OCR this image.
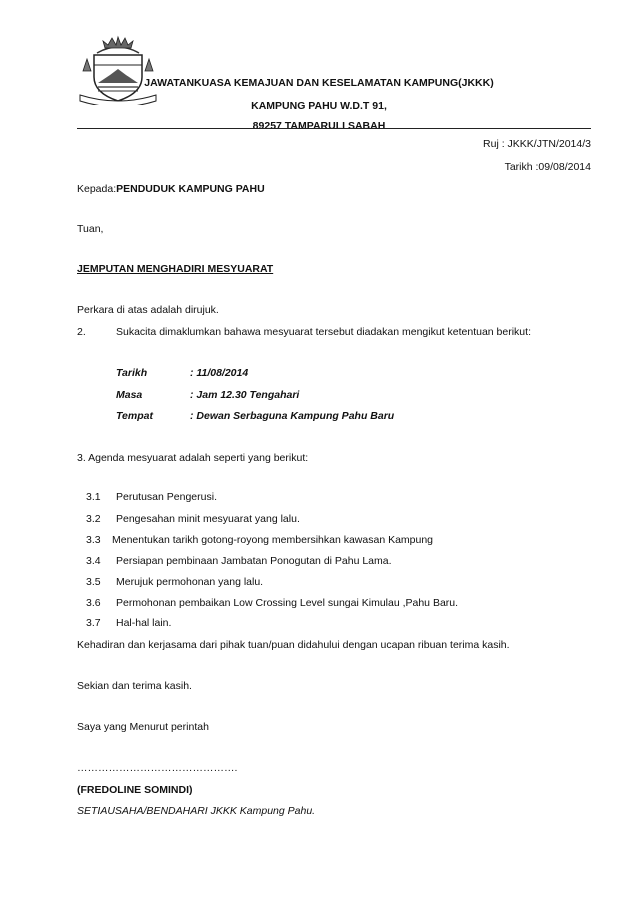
JAWATANKUASA KEMAJUAN DAN KESELAMATAN KAMPUNG(JKKK)
KAMPUNG PAHU W.D.T 91,
89257 TAMPARULI SABAH
Ruj : JKKK/JTN/2014/3
Tarikh :09/08/2014
Kepada:PENDUDUK KAMPUNG PAHU
Tuan,
JEMPUTAN MENGHADIRI MESYUARAT
Perkara di atas adalah dirujuk.
2.	Sukacita dimaklumkan bahawa mesyuarat tersebut diadakan mengikut ketentuan berikut:
Tarikh	: 11/08/2014
Masa	: Jam 12.30 Tengahari
Tempat	: Dewan Serbaguna Kampung Pahu Baru
3. Agenda mesyuarat adalah seperti yang berikut:
3.1 Perutusan Pengerusi.
3.2 Pengesahan minit mesyuarat yang lalu.
3.3 Menentukan tarikh gotong-royong membersihkan kawasan Kampung
3.4 Persiapan pembinaan Jambatan Ponogutan di Pahu Lama.
3.5 Merujuk permohonan yang lalu.
3.6 Permohonan pembaikan Low Crossing Level sungai Kimulau ,Pahu Baru.
3.7 Hal-hal lain.
Kehadiran dan kerjasama dari pihak tuan/puan didahului dengan ucapan ribuan terima kasih.
Sekian dan terima kasih.
Saya yang Menurut perintah
……………………………………….
(FREDOLINE SOMINDI)
SETIAUSAHA/BENDAHARI JKKK Kampung Pahu.
